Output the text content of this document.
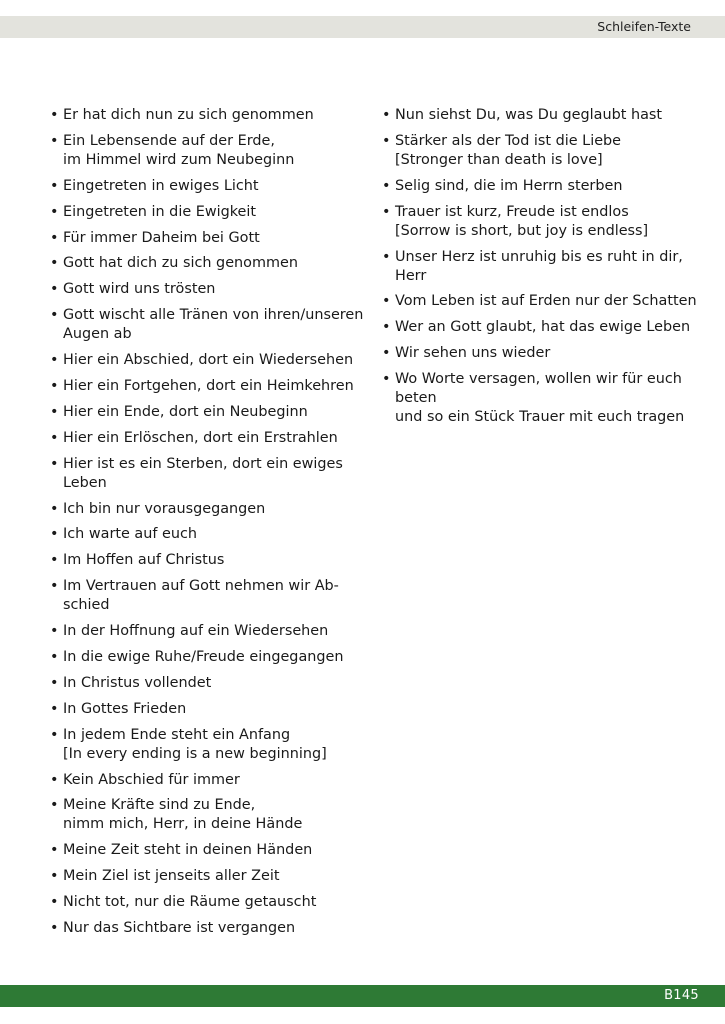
Schleifen-Texte
• Er hat dich nun zu sich genommen
• Ein Lebensende auf der Erde,
im Himmel wird zum Neubeginn
• Eingetreten in ewiges Licht
• Eingetreten in die Ewigkeit
• Für immer Daheim bei Gott
• Gott hat dich zu sich genommen
• Gott wird uns trösten
• Gott wischt alle Tränen von ihren/unseren
Augen ab
• Hier ein Abschied, dort ein Wiedersehen
• Hier ein Fortgehen, dort ein Heimkehren
• Hier ein Ende, dort ein Neubeginn
• Hier ein Erlöschen, dort ein Erstrahlen
• Hier ist es ein Sterben, dort ein ewiges
Leben
• Ich bin nur vorausgegangen
• Ich warte auf euch
• Im Hoffen auf Christus
• Im Vertrauen auf Gott nehmen wir Ab-
schied
• In der Hoffnung auf ein Wiedersehen
• In die ewige Ruhe/Freude eingegangen
• In Christus vollendet
• In Gottes Frieden
• In jedem Ende steht ein Anfang
[In every ending is a new beginning]
• Kein Abschied für immer
• Meine Kräfte sind zu Ende,
nimm mich, Herr, in deine Hände
• Meine Zeit steht in deinen Händen
• Mein Ziel ist jenseits aller Zeit
• Nicht tot, nur die Räume getauscht
• Nur das Sichtbare ist vergangen
• Nun siehst Du, was Du geglaubt hast
• Stärker als der Tod ist die Liebe
[Stronger than death is love]
• Selig sind, die im Herrn sterben
• Trauer ist kurz, Freude ist endlos
[Sorrow is short, but joy is endless]
• Unser Herz ist unruhig bis es ruht in dir,
Herr
• Vom Leben ist auf Erden nur der Schatten
• Wer an Gott glaubt, hat das ewige Leben
• Wir sehen uns wieder
• Wo Worte versagen, wollen wir für euch
beten
und so ein Stück Trauer mit euch tragen
B145
